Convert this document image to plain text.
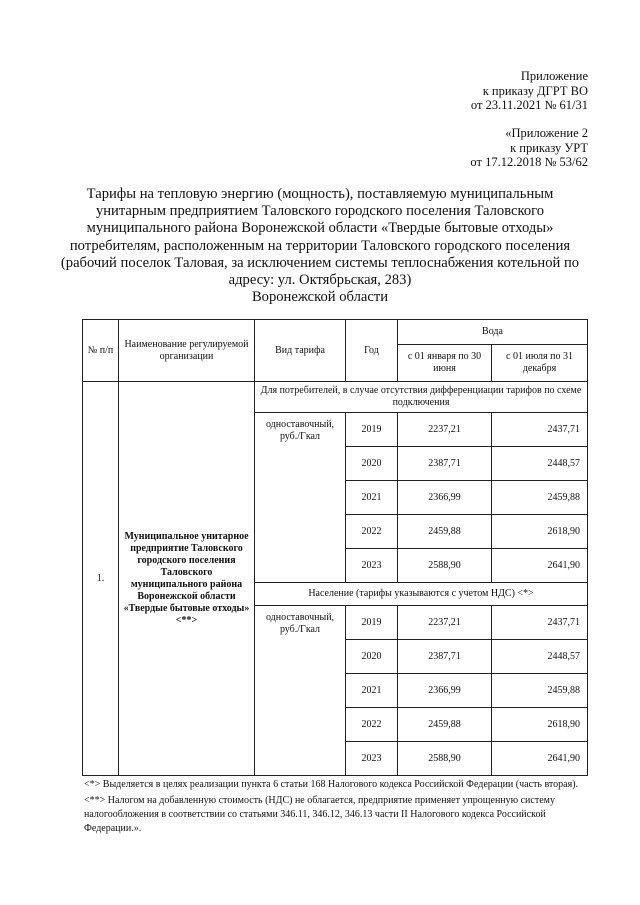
Приложение
к приказу ДГРТ ВО
от 23.11.2021 № 61/31
«Приложение 2
к приказу УРТ
от 17.12.2018 № 53/62
Тарифы на тепловую энергию (мощность), поставляемую муниципальным
унитарным предприятием Таловского городского поселения Таловского
муниципального района Воронежской области «Твердые бытовые отходы»
потребителям, расположенным на территории Таловского городского поселения
(рабочий поселок Таловая, за исключением системы теплоснабжения котельной по
адресу: ул. Октябрьская, 283)
Воронежской области
№ п/п	Наименование регулируемой организации	Вид тарифа	Год	Вода	
				с 01 января по 30 июня	с 01 июля по 31 декабря
1.	Муниципальное унитарное предприятие Таловского городского поселения Таловского муниципального района Воронежской области «Твердые бытовые отходы» <**>	Для потребителей, в случае отсутствия дифференциации тарифов по схеме подключения			
		одноставочный, руб./Гкал	2019	2237,21	2437,71
			2020	2387,71	2448,57
			2021	2366,99	2459,88
			2022	2459,88	2618,90
			2023	2588,90	2641,90
		Население (тарифы указываются с учетом НДС) <*>			
		одноставочный, руб./Гкал	2019	2237,21	2437,71
			2020	2387,71	2448,57
			2021	2366,99	2459,88
			2022	2459,88	2618,90
			2023	2588,90	2641,90

<*> Выделяется в целях реализации пункта 6 статьи 168 Налогового кодекса Российской Федерации (часть вторая).

<**> Налогом на добавленную стоимость (НДС) не облагается, предприятие применяет упрощенную систему налогообложения в соответствии со статьями 346.11, 346.12, 346.13 части II Налогового кодекса Российской Федерации.».
